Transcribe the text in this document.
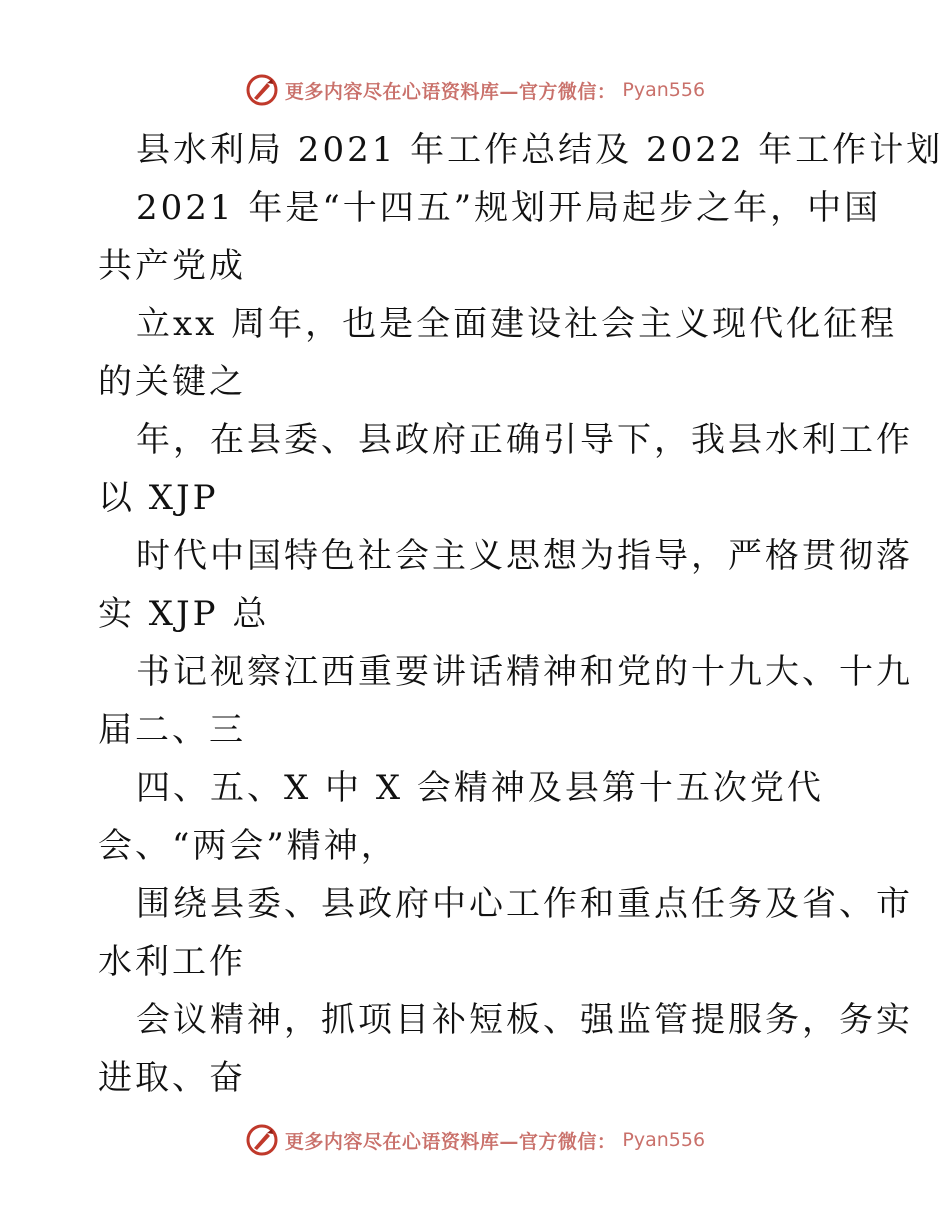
更多内容尽在心语资料库—官方微信： Pyan556
县水利局 2021 年工作总结及 2022 年工作计划
2021 年是“十四五”规划开局起步之年，中国
共产党成
立xx 周年，也是全面建设社会主义现代化征程
的关键之
年，在县委、县政府正确引导下，我县水利工作
以 XJP
时代中国特色社会主义思想为指导，严格贯彻落
实 XJP 总
书记视察江西重要讲话精神和党的十九大、十九
届二、三
四、五、X 中 X 会精神及县第十五次党代
会、“两会”精神，
围绕县委、县政府中心工作和重点任务及省、市
水利工作
会议精神，抓项目补短板、强监管提服务，务实
进取、奋
更多内容尽在心语资料库—官方微信： Pyan556
